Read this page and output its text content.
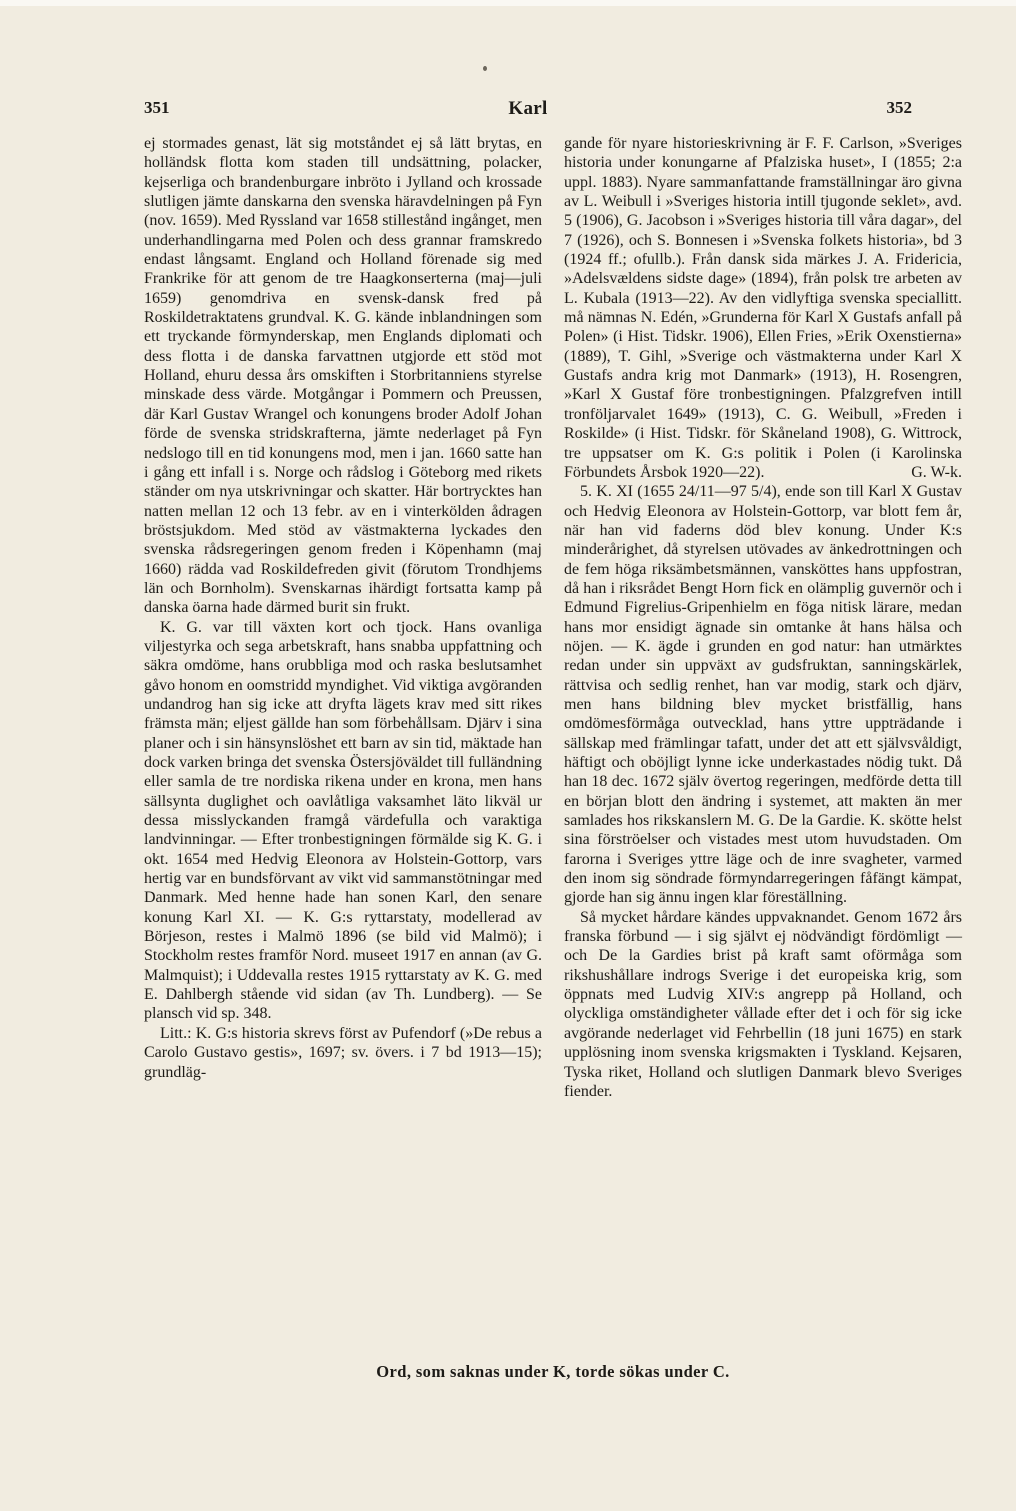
351	Karl	352

ej stormades genast, lät sig motståndet ej så lätt brytas, en holländsk flotta kom staden till undsättning, polacker, kejserliga och brandenburgare inbröto i Jylland och krossade slutligen jämte danskarna den svenska häravdelningen på Fyn (nov. 1659). Med Ryssland var 1658 stillestånd ingånget, men underhandlingarna med Polen och dess grannar framskredo endast långsamt. England och Holland förenade sig med Frankrike för att genom de tre Haagkonserterna (maj—juli 1659) genomdriva en svensk-dansk fred på Roskildetraktatens grundval. K. G. kände inblandningen som ett tryckande förmynderskap, men Englands diplomati och dess flotta i de danska farvattnen utgjorde ett stöd mot Holland, ehuru dessa års omskiften i Storbritanniens styrelse minskade dess värde. Motgångar i Pommern och Preussen, där Karl Gustav Wrangel och konungens broder Adolf Johan förde de svenska stridskrafterna, jämte nederlaget på Fyn nedslogo till en tid konungens mod, men i jan. 1660 satte han i gång ett infall i s. Norge och rådslog i Göteborg med rikets ständer om nya utskrivningar och skatter. Här bortrycktes han natten mellan 12 och 13 febr. av en i vinterkölden ådragen bröstsjukdom. Med stöd av västmakterna lyckades den svenska rådsregeringen genom freden i Köpenhamn (maj 1660) rädda vad Roskildefreden givit (förutom Trondhjems län och Bornholm). Svenskarnas ihärdigt fortsatta kamp på danska öarna hade därmed burit sin frukt.

K. G. var till växten kort och tjock. Hans ovanliga viljestyrka och sega arbetskraft, hans snabba uppfattning och säkra omdöme, hans orubbliga mod och raska beslutsamhet gåvo honom en oomstridd myndighet. Vid viktiga avgöranden undandrog han sig icke att dryfta lägets krav med sitt rikes främsta män; eljest gällde han som förbehållsam. Djärv i sina planer och i sin hänsynslöshet ett barn av sin tid, mäktade han dock varken bringa det svenska Östersjöväldet till fulländning eller samla de tre nordiska rikena under en krona, men hans sällsynta duglighet och oavlåtliga vaksamhet läto likväl ur dessa misslyckanden framgå värdefulla och varaktiga landvinningar. — Efter tronbestigningen förmälde sig K. G. i okt. 1654 med Hedvig Eleonora av Holstein-Gottorp, vars hertig var en bundsförvant av vikt vid sammanstötningar med Danmark. Med henne hade han sonen Karl, den senare konung Karl XI. — K. G:s ryttarstaty, modellerad av Börjeson, restes i Malmö 1896 (se bild vid Malmö); i Stockholm restes framför Nord. museet 1917 en annan (av G. Malmquist); i Uddevalla restes 1915 ryttarstaty av K. G. med E. Dahlbergh stående vid sidan (av Th. Lundberg). — Se plansch vid sp. 348.

Litt.: K. G:s historia skrevs först av Pufendorf (»De rebus a Carolo Gustavo gestis», 1697; sv. övers. i 7 bd 1913—15); grundläg-

gande för nyare historieskrivning är F. F. Carlson, »Sveriges historia under konungarne af Pfalziska huset», I (1855; 2:a uppl. 1883). Nyare sammanfattande framställningar äro givna av L. Weibull i »Sveriges historia intill tjugonde seklet», avd. 5 (1906), G. Jacobson i »Sveriges historia till våra dagar», del 7 (1926), och S. Bonnesen i »Svenska folkets historia», bd 3 (1924 ff.; ofullb.). Från dansk sida märkes J. A. Fridericia, »Adelsvældens sidste dage» (1894), från polsk tre arbeten av L. Kubala (1913—22). Av den vidlyftiga svenska speciallitt. må nämnas N. Edén, »Grunderna för Karl X Gustafs anfall på Polen» (i Hist. Tidskr. 1906), Ellen Fries, »Erik Oxenstierna» (1889), T. Gihl, »Sverige och västmakterna under Karl X Gustafs andra krig mot Danmark» (1913), H. Rosengren, »Karl X Gustaf före tronbestigningen. Pfalzgrefven intill tronföljarvalet 1649» (1913), C. G. Weibull, »Freden i Roskilde» (i Hist. Tidskr. för Skåneland 1908), G. Wittrock, tre uppsatser om K. G:s politik i Polen (i Karolinska Förbundets Årsbok 1920—22).	G. W-k.

5. K. XI (1655 24/11—97 5/4), ende son till Karl X Gustav och Hedvig Eleonora av Holstein-Gottorp, var blott fem år, när han vid faderns död blev konung. Under K:s minderårighet, då styrelsen utövades av änkedrottningen och de fem höga riksämbetsmännen, vansköttes hans uppfostran, då han i riksrådet Bengt Horn fick en olämplig guvernör och i Edmund Figrelius-Gripenhielm en föga nitisk lärare, medan hans mor ensidigt ägnade sin omtanke åt hans hälsa och nöjen. — K. ägde i grunden en god natur: han utmärktes redan under sin uppväxt av gudsfruktan, sanningskärlek, rättvisa och sedlig renhet, han var modig, stark och djärv, men hans bildning blev mycket bristfällig, hans omdömesförmåga outvecklad, hans yttre uppträdande i sällskap med främlingar tafatt, under det att ett självsvåldigt, häftigt och oböjligt lynne icke underkastades nödig tukt. Då han 18 dec. 1672 själv övertog regeringen, medförde detta till en början blott den ändring i systemet, att makten än mer samlades hos rikskanslern M. G. De la Gardie. K. skötte helst sina förströelser och vistades mest utom huvudstaden. Om farorna i Sveriges yttre läge och de inre svagheter, varmed den inom sig söndrade förmyndarregeringen fåfängt kämpat, gjorde han sig ännu ingen klar föreställning.

Så mycket hårdare kändes uppvaknandet. Genom 1672 års franska förbund — i sig självt ej nödvändigt fördömligt — och De la Gardies brist på kraft samt oförmåga som rikshushållare indrogs Sverige i det europeiska krig, som öppnats med Ludvig XIV:s angrepp på Holland, och olyckliga omständigheter vållade efter det i och för sig icke avgörande nederlaget vid Fehrbellin (18 juni 1675) en stark upplösning inom svenska krigsmakten i Tyskland. Kejsaren, Tyska riket, Holland och slutligen Danmark blevo Sveriges fiender.

Ord, som saknas under K, torde sökas under C.
